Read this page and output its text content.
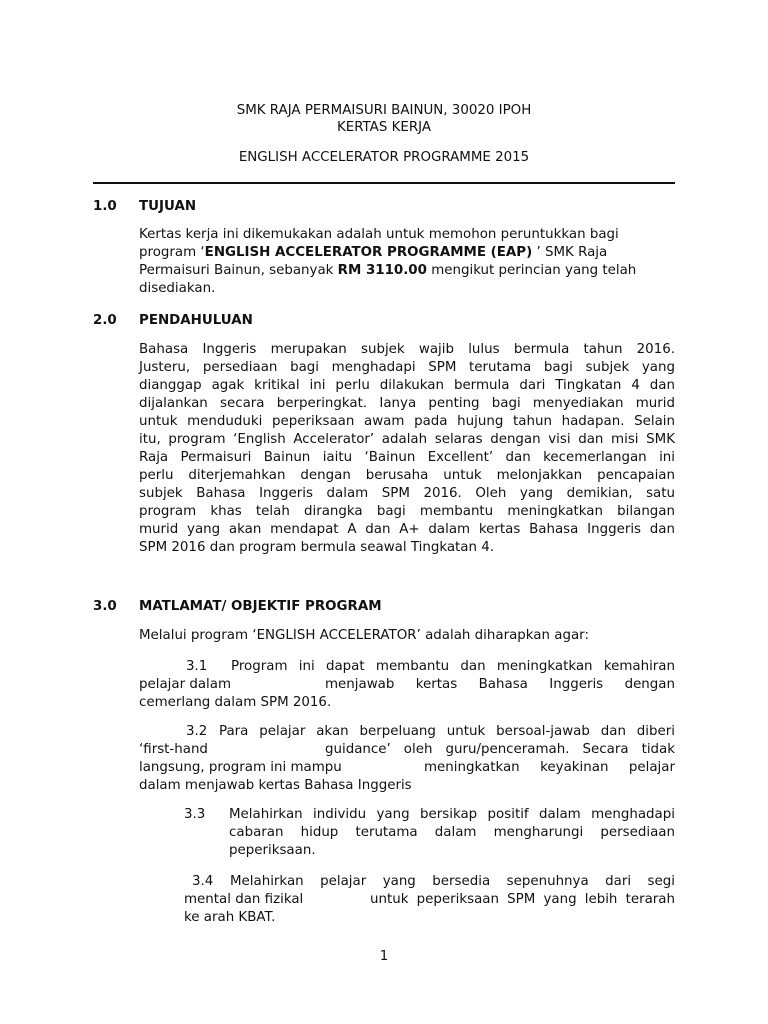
SMK RAJA PERMAISURI BAINUN, 30020 IPOH
KERTAS KERJA
ENGLISH ACCELERATOR PROGRAMME 2015
1.0 TUJUAN
Kertas kerja ini dikemukakan adalah untuk memohon peruntukkan bagi
program ‘ENGLISH ACCELERATOR PROGRAMME (EAP) ’ SMK Raja
Permaisuri Bainun, sebanyak RM 3110.00 mengikut perincian yang telah
disediakan.
2.0 PENDAHULUAN
Bahasa Inggeris merupakan subjek wajib lulus bermula tahun 2016.
Justeru, persediaan bagi menghadapi SPM terutama bagi subjek yang
dianggap agak kritikal ini perlu dilakukan bermula dari Tingkatan 4 dan
dijalankan secara berperingkat. Ianya penting bagi menyediakan murid
untuk menduduki peperiksaan awam pada hujung tahun hadapan. Selain
itu, program ‘English Accelerator’ adalah selaras dengan visi dan misi SMK
Raja Permaisuri Bainun iaitu ‘Bainun Excellent’ dan kecemerlangan ini
perlu diterjemahkan dengan berusaha untuk melonjakkan pencapaian
subjek Bahasa Inggeris dalam SPM 2016. Oleh yang demikian, satu
program khas telah dirangka bagi membantu meningkatkan bilangan
murid yang akan mendapat A dan A+ dalam kertas Bahasa Inggeris dan
SPM 2016 dan program bermula seawal Tingkatan 4.
3.0 MATLAMAT/ OBJEKTIF PROGRAM
Melalui program ‘ENGLISH ACCELERATOR’ adalah diharapkan agar:
3.1 Program ini dapat membantu dan meningkatkan kemahiran
pelajar dalam	menjawab kertas Bahasa Inggeris dengan
cemerlang dalam SPM 2016.
3.2 Para pelajar akan berpeluang untuk bersoal-jawab dan diberi
‘first-hand	guidance’ oleh guru/penceramah. Secara tidak
langsung, program ini mampu	meningkatkan keyakinan pelajar
dalam menjawab kertas Bahasa Inggeris
3.3 Melahirkan individu yang bersikap positif dalam menghadapi
cabaran hidup terutama dalam mengharungi persediaan
peperiksaan.
3.4 Melahirkan pelajar yang bersedia sepenuhnya dari segi
mental dan fizikal	untuk peperiksaan SPM yang lebih terarah
ke arah KBAT.
1
